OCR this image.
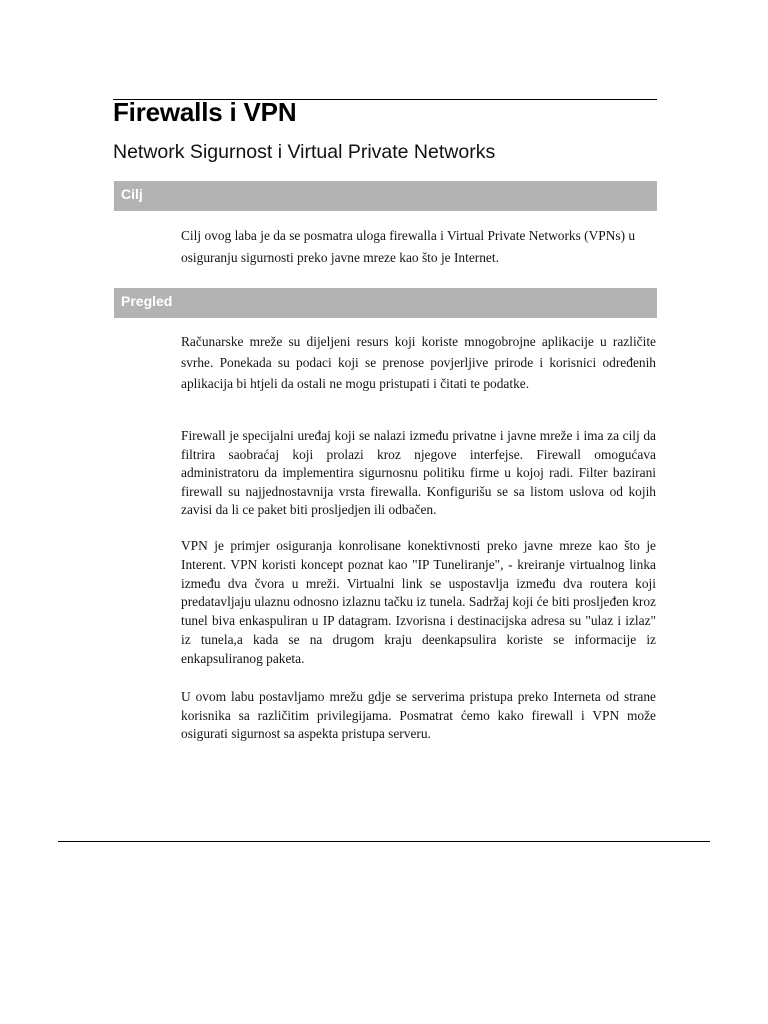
Firewalls i VPN
Network Sigurnost i Virtual Private Networks
Cilj

Cilj ovog laba je da se posmatra uloga firewalla i Virtual Private Networks (VPNs) u osiguranju sigurnosti preko javne mreze kao što je Internet.

Pregled

Računarske mreže su dijeljeni resurs koji koriste mnogobrojne aplikacije u različite svrhe. Ponekada su podaci koji se prenose povjerljive prirode i korisnici određenih aplikacija bi htjeli da ostali ne mogu pristupati i čitati te podatke.

Firewall je specijalni uređaj koji se nalazi između privatne i javne mreže i ima za cilj da filtrira saobraćaj koji prolazi kroz njegove interfejse. Firewall omogućava administratoru da implementira sigurnosnu politiku firme u kojoj radi. Filter bazirani firewall su najjednostavnija vrsta firewalla. Konfigurišu se sa listom uslova od kojih zavisi da li ce paket biti prosljedjen ili odbačen.

VPN je primjer osiguranja konrolisane konektivnosti preko javne mreze kao što je Interent. VPN koristi koncept poznat kao "IP Tuneliranje", - kreiranje virtualnog linka između dva čvora u mreži. Virtualni link se uspostavlja između dva routera koji predatavljaju ulaznu odnosno izlaznu tačku iz tunela. Sadržaj koji će biti prosljeđen kroz tunel biva enkaspuliran u IP datagram. Izvorisna i destinacijska adresa su "ulaz i izlaz" iz tunela,a kada se na drugom kraju deenkapsulira koriste se informacije iz enkapsuliranog paketa.

U ovom labu postavljamo mrežu gdje se serverima pristupa preko Interneta od strane korisnika sa različitim privilegijama. Posmatrat ćemo kako firewall i VPN može osigurati sigurnost sa aspekta pristupa serveru.
